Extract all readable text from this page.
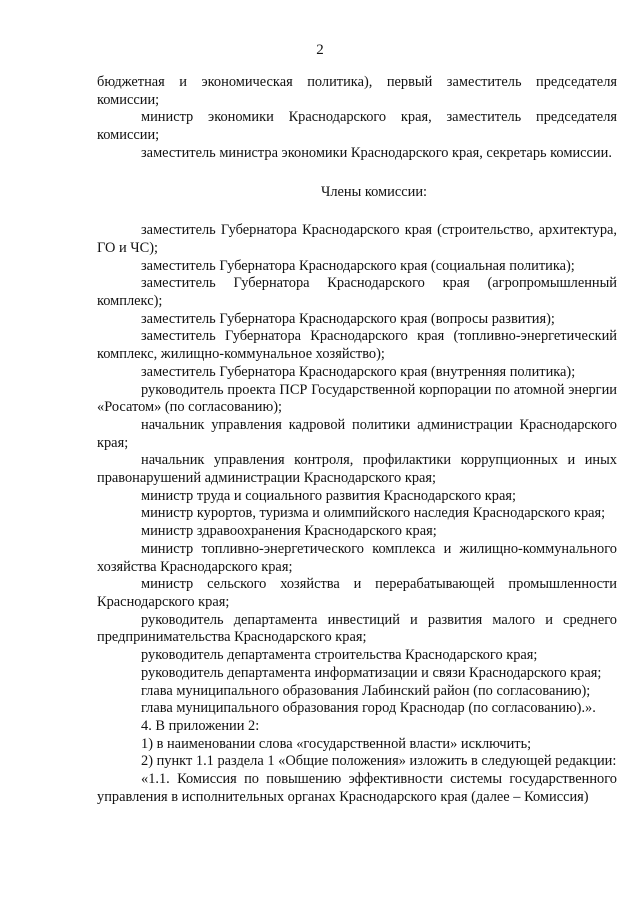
2
бюджетная и экономическая политика), первый заместитель председателя комиссии;
министр экономики Краснодарского края, заместитель председателя комиссии;
заместитель министра экономики Краснодарского края, секретарь комиссии.
Члены комиссии:
заместитель Губернатора Краснодарского края (строительство, архитектура, ГО и ЧС);
заместитель Губернатора Краснодарского края (социальная политика);
заместитель Губернатора Краснодарского края (агропромышленный комплекс);
заместитель Губернатора Краснодарского края (вопросы развития);
заместитель Губернатора Краснодарского края (топливно-энергетический комплекс, жилищно-коммунальное хозяйство);
заместитель Губернатора Краснодарского края (внутренняя политика);
руководитель проекта ПСР Государственной корпорации по атомной энергии «Росатом» (по согласованию);
начальник управления кадровой политики администрации Краснодарского края;
начальник управления контроля, профилактики коррупционных и иных правонарушений администрации Краснодарского края;
министр труда и социального развития Краснодарского края;
министр курортов, туризма и олимпийского наследия Краснодарского края;
министр здравоохранения Краснодарского края;
министр топливно-энергетического комплекса и жилищно-коммунального хозяйства Краснодарского края;
министр сельского хозяйства и перерабатывающей промышленности Краснодарского края;
руководитель департамента инвестиций и развития малого и среднего предпринимательства Краснодарского края;
руководитель департамента строительства Краснодарского края;
руководитель департамента информатизации и связи Краснодарского края;
глава муниципального образования Лабинский район (по согласованию);
глава муниципального образования город Краснодар (по согласованию).».
4. В приложении 2:
1) в наименовании слова «государственной власти» исключить;
2) пункт 1.1 раздела 1 «Общие положения» изложить в следующей редакции:
«1.1. Комиссия по повышению эффективности системы государственного управления в исполнительных органах Краснодарского края (далее – Комиссия)
